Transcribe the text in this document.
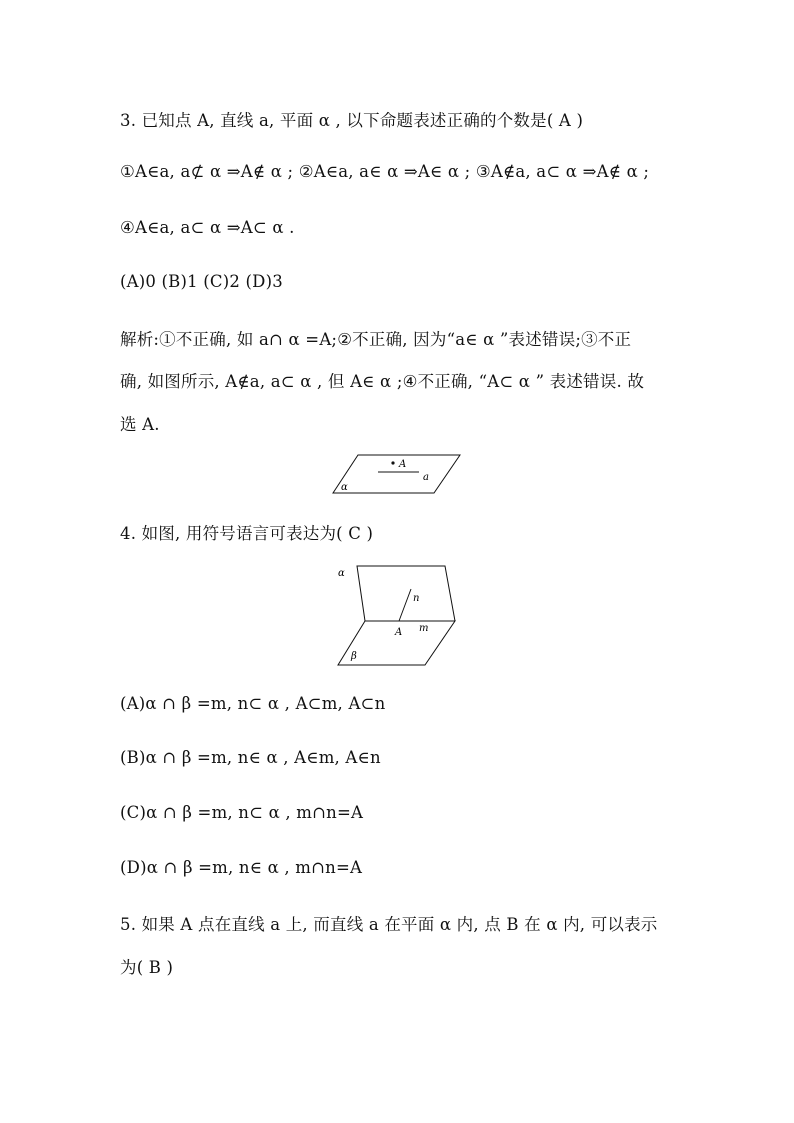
3. 已知点 A, 直线 a, 平面 α , 以下命题表述正确的个数是( A )
①A∈a, a⊄ α ⇒A∉ α ; ②A∈a, a∈ α ⇒A∈ α ; ③A∉a, a⊂ α ⇒A∉ α ;
④A∈a, a⊂ α ⇒A⊂ α .
(A)0 (B)1 (C)2 (D)3
解析:①不正确, 如 a∩ α =A;②不正确, 因为“a∈ α ”表述错误;③不正
确, 如图所示, A∉a, a⊂ α , 但 A∈ α ;④不正确, “A⊂ α ” 表述错误. 故
选 A.
A
a
α
4. 如图, 用符号语言可表达为( C )
α
n
A m
β
(A)α ∩ β =m, n⊂ α , A⊂m, A⊂n
(B)α ∩ β =m, n∈ α , A∈m, A∈n
(C)α ∩ β =m, n⊂ α , m∩n=A
(D)α ∩ β =m, n∈ α , m∩n=A
5. 如果 A 点在直线 a 上, 而直线 a 在平面 α 内, 点 B 在 α 内, 可以表示
为( B )
